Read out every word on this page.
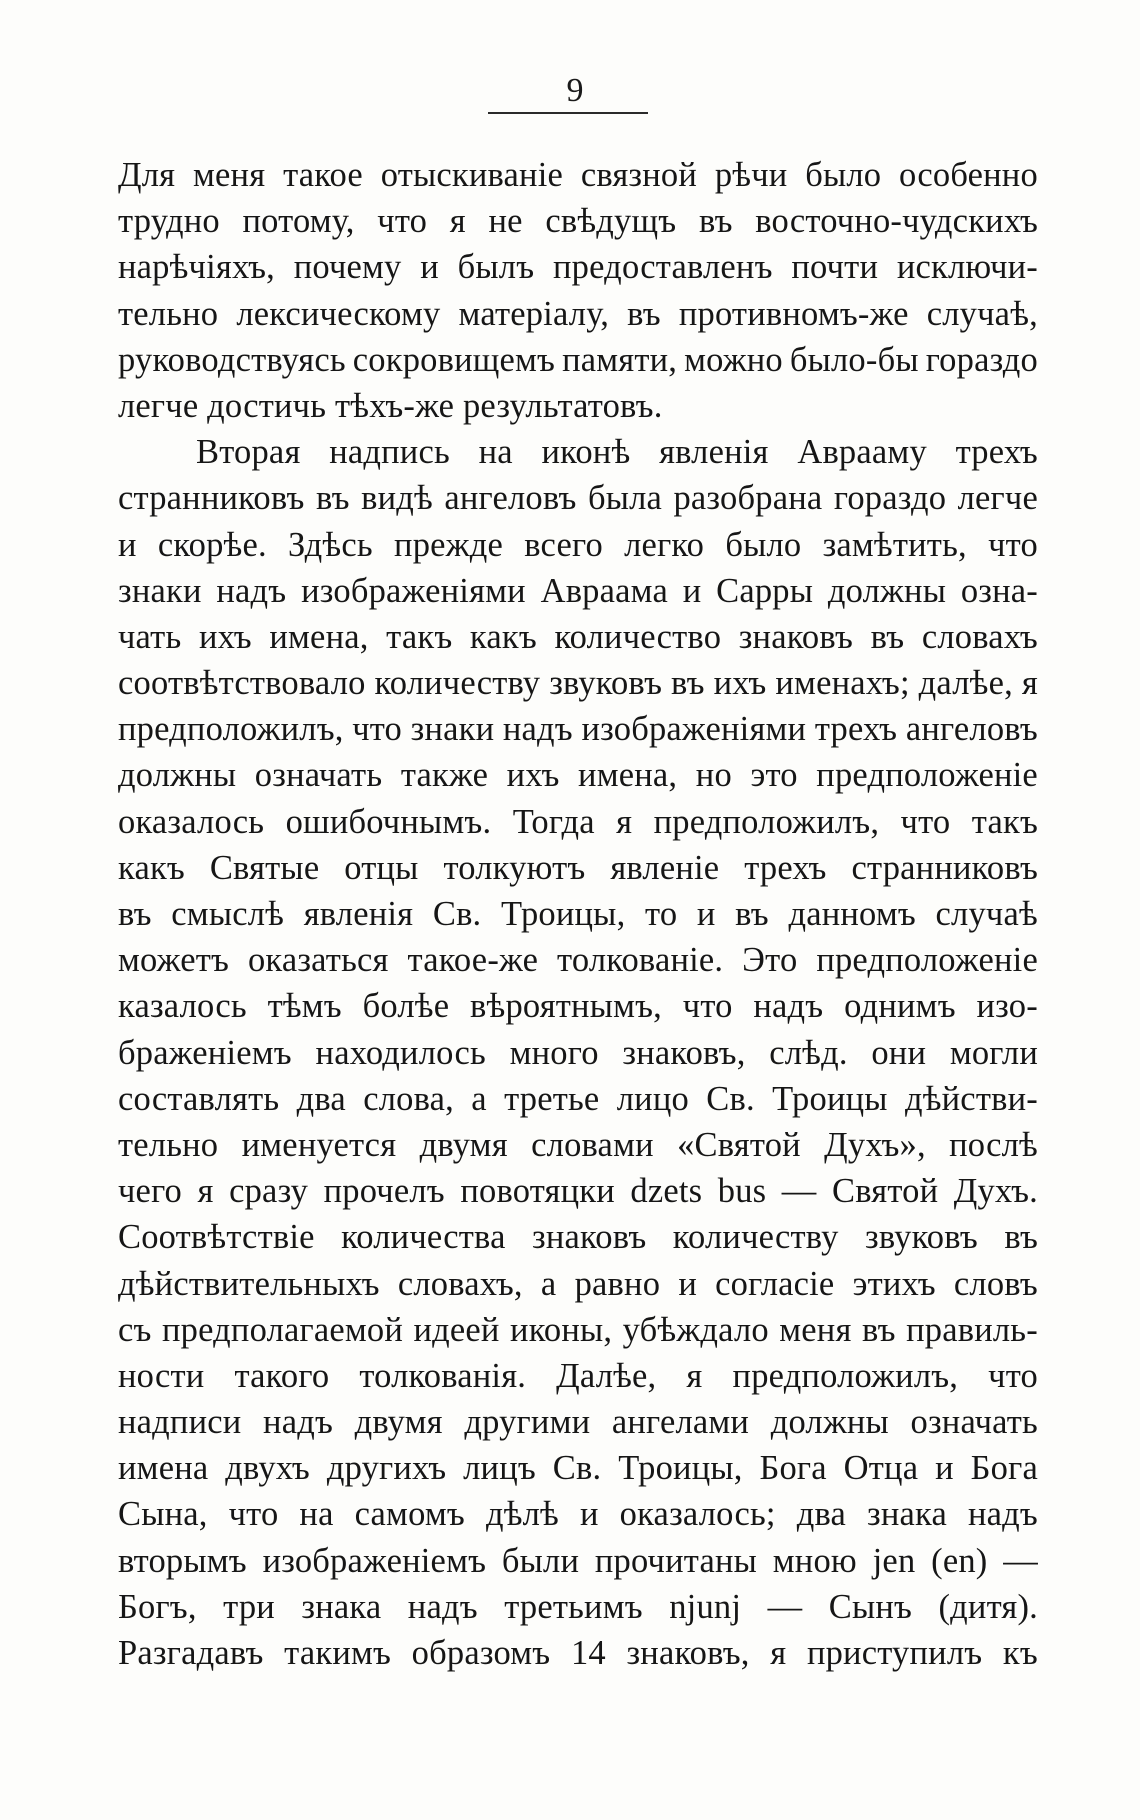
9
Для меня такое отыскиваніе связной рѣчи было особенно
трудно потому, что я не свѣдущъ въ восточно-чудскихъ
нарѣчіяхъ, почему и былъ предоставленъ почти исключи-
тельно лексическому матеріалу, въ противномъ-же случаѣ,
руководствуясь сокровищемъ памяти, можно было-бы гораздо
легче достичь тѣхъ-же результатовъ.
Вторая надпись на иконѣ явленія Аврааму трехъ
странниковъ въ видѣ ангеловъ была разобрана гораздо легче
и скорѣе. Здѣсь прежде всего легко было замѣтить, что
знаки надъ изображеніями Авраама и Сарры должны озна-
чать ихъ имена, такъ какъ количество знаковъ въ словахъ
соотвѣтствовало количеству звуковъ въ ихъ именахъ; далѣе, я
предположилъ, что знаки надъ изображеніями трехъ ангеловъ
должны означать также ихъ имена, но это предположеніе
оказалось ошибочнымъ. Тогда я предположилъ, что такъ
какъ Святые отцы толкуютъ явленіе трехъ странниковъ
въ смыслѣ явленія Св. Троицы, то и въ данномъ случаѣ
можетъ оказаться такое-же толкованіе. Это предположеніе
казалось тѣмъ болѣе вѣроятнымъ, что надъ однимъ изо-
браженіемъ находилось много знаковъ, слѣд. они могли
составлять два слова, а третье лицо Св. Троицы дѣйстви-
тельно именуется двумя словами «Святой Духъ», послѣ
чего я сразу прочелъ повотяцки dzets bus — Святой Духъ.
Соотвѣтствіе количества знаковъ количеству звуковъ въ
дѣйствительныхъ словахъ, а равно и согласіе этихъ словъ
съ предполагаемой идеей иконы, убѣждало меня въ правиль-
ности такого толкованія. Далѣе, я предположилъ, что
надписи надъ двумя другими ангелами должны означать
имена двухъ другихъ лицъ Св. Троицы, Бога Отца и Бога
Сына, что на самомъ дѣлѣ и оказалось; два знака надъ
вторымъ изображеніемъ были прочитаны мною jen (en) —
Богъ, три знака надъ третьимъ njunj — Сынъ (дитя).
Разгадавъ такимъ образомъ 14 знаковъ, я приступилъ къ
